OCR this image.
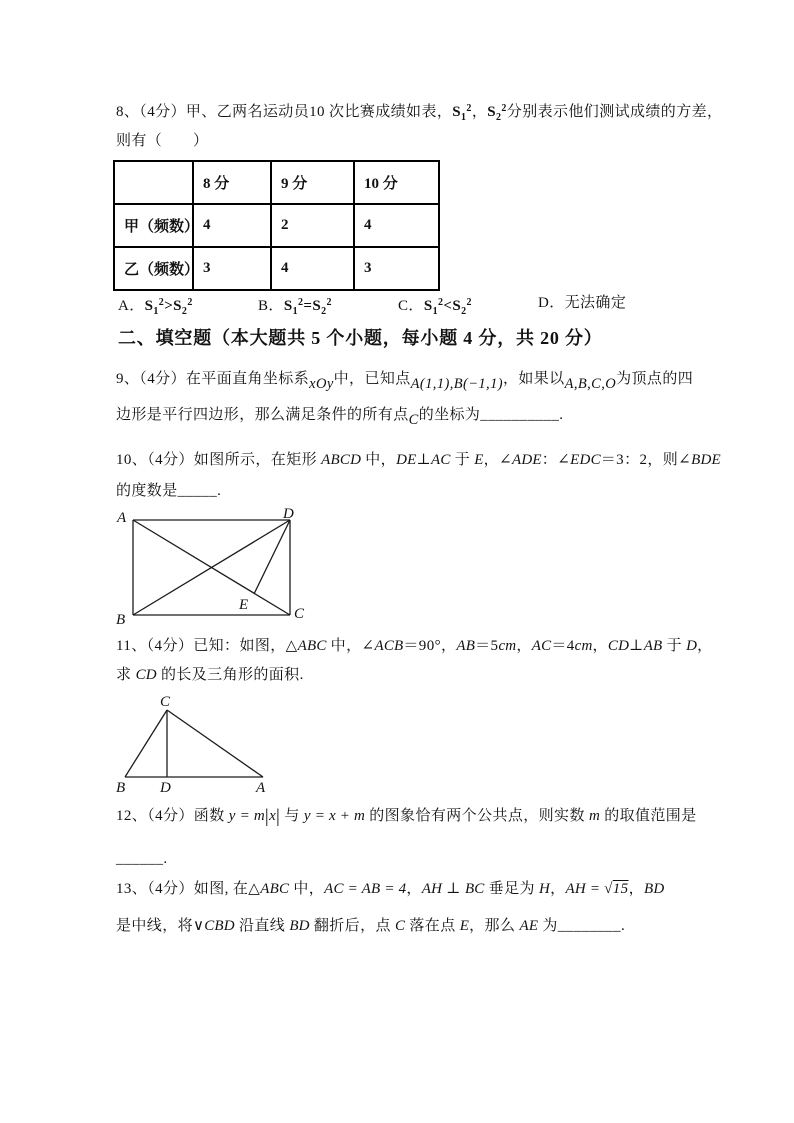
8、（4分）甲、乙两名运动员10 次比赛成绩如表，$S_1^2$，$S_2^2$分别表示他们测试成绩的方差，
则有（　　）
	8 分	9 分	10 分
甲（频数）	4	2	4
乙（频数）	3	4	3
A．$S_1^2>S_2^2$	B．$S_1^2=S_2^2$	C．$S_1^2<S_2^2$	D．无法确定
二、填空题（本大题共 5 个小题，每小题 4 分，共 20 分）
9、（4分）在平面直角坐标系xOy中，已知点A(1,1),B(−1,1)，如果以A,B,C,O为顶点的四
边形是平行四边形，那么满足条件的所有点C的坐标为__________.
10、（4分）如图所示，在矩形 ABCD 中，DE⊥AC 于 E，∠ADE：∠EDC＝3：2，则∠BDE
的度数是_____.
A	D
B	C
E
11、（4分）已知：如图，△ABC 中，∠ACB＝90°，AB＝5cm，AC＝4cm，CD⊥AB 于 D，
求 CD 的长及三角形的面积.
C
B D	A
12、（4分）函数 y = m|x| 与 y = x + m 的图象恰有两个公共点，则实数 m 的取值范围是
______.
13、（4分）如图, 在△ABC 中，AC = AB = 4，AH ⊥ BC 垂足为 H，AH = √15，BD
是中线，将∨CBD 沿直线 BD 翻折后，点 C 落在点 E，那么 AE 为________.
